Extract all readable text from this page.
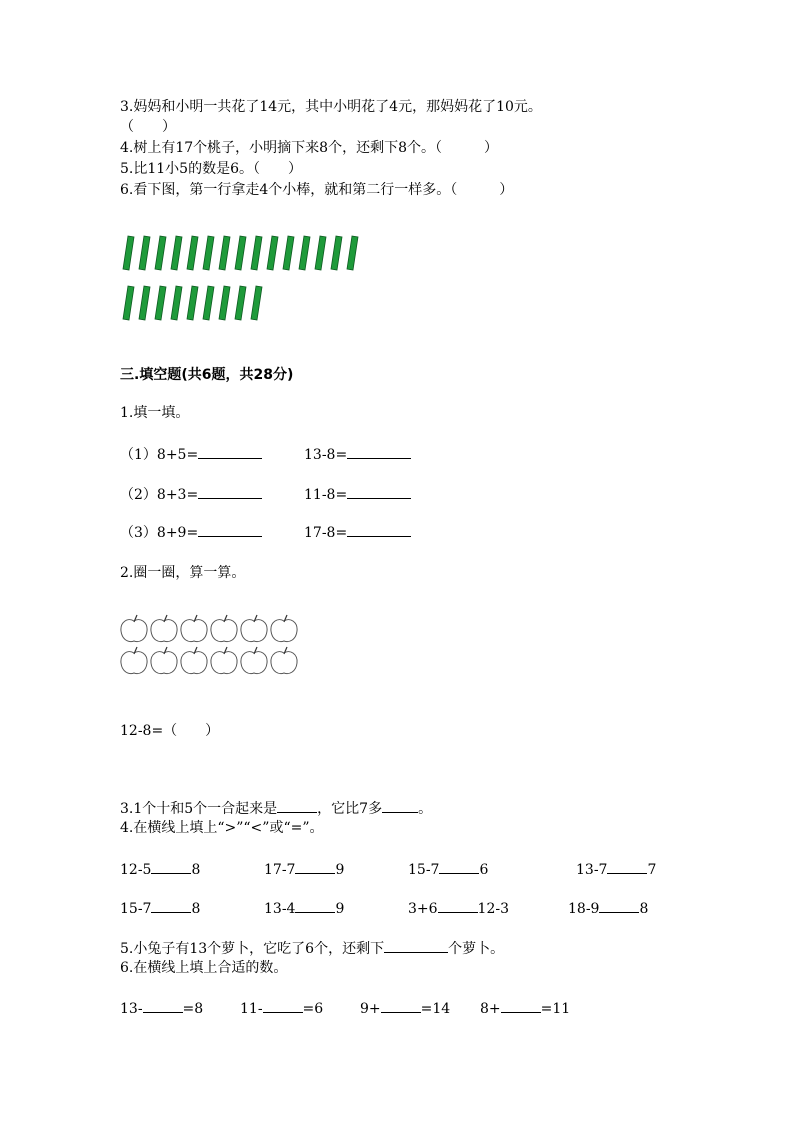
3.妈妈和小明一共花了14元，其中小明花了4元，那妈妈花了10元。
（　　）
4.树上有17个桃子，小明摘下来8个，还剩下8个。（　　　）
5.比11小5的数是6。（　　）
6.看下图，第一行拿走4个小棒，就和第二行一样多。（　　　）
三.填空题(共6题，共28分)
1.填一填。
（1）8+5=	13-8=
（2）8+3=	11-8=
（3）8+9=	17-8=
2.圈一圈，算一算。
12-8=（　　）
3.1个十和5个一合起来是	，它比7多	。
4.在横线上填上“>”“<”或“=”。
12-5	8	17-7	9	15-7	6	13-7	7
15-7	8	13-4	9	3+6	12-3	18-9	8
5.小兔子有13个萝卜，它吃了6个，还剩下	个萝卜。
6.在横线上填上合适的数。
13-	=8	11-	=6	9+	=14 8+	=11
